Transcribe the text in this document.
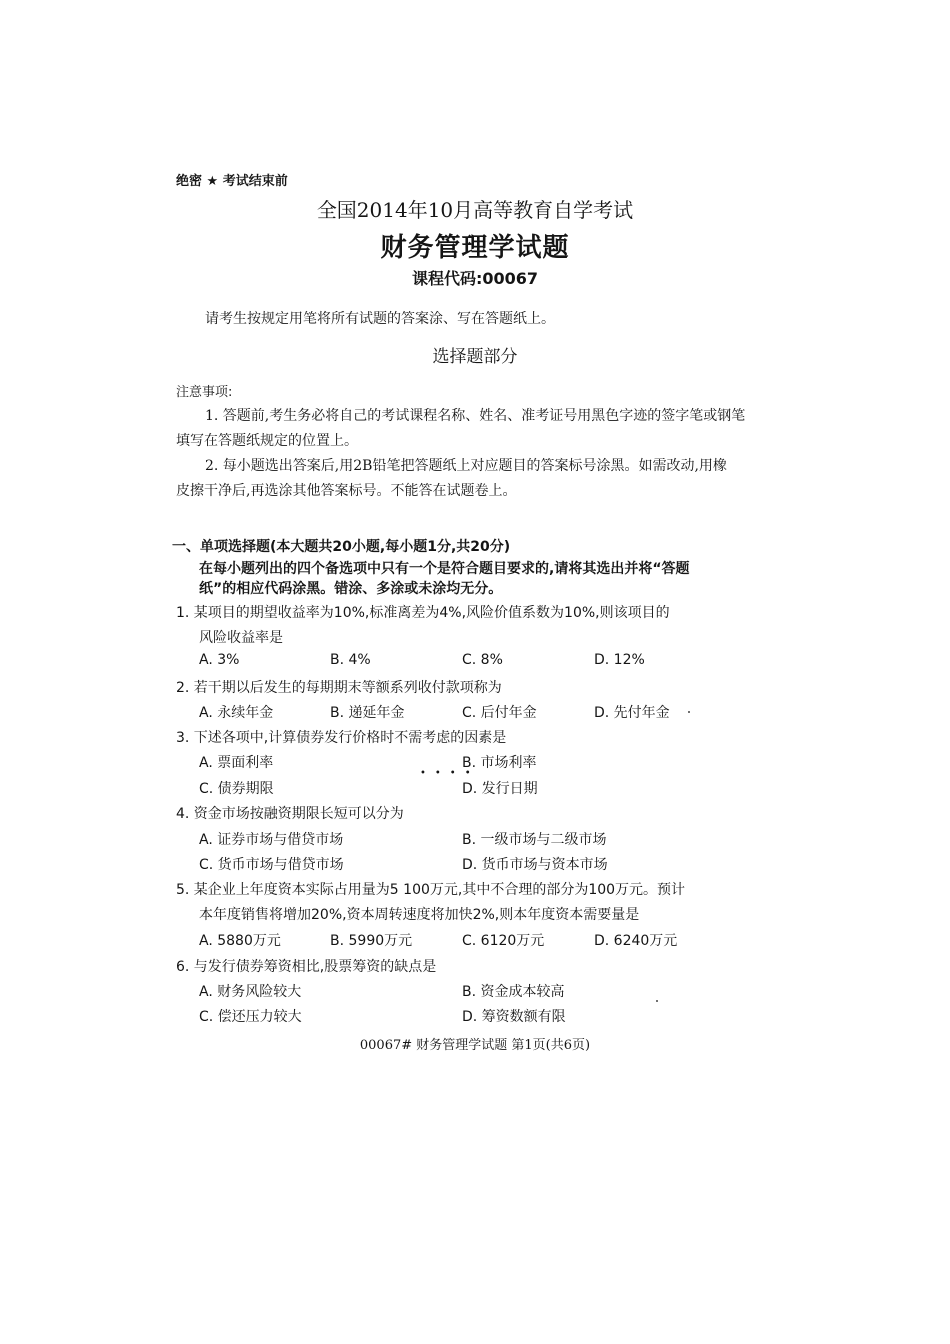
绝密 ★ 考试结束前
全国2014年10月高等教育自学考试
财务管理学试题
课程代码:00067
请考生按规定用笔将所有试题的答案涂、写在答题纸上。
选择题部分
注意事项:
1. 答题前,考生务必将自己的考试课程名称、姓名、准考证号用黑色字迹的签字笔或钢笔
填写在答题纸规定的位置上。
2. 每小题选出答案后,用2B铅笔把答题纸上对应题目的答案标号涂黑。如需改动,用橡
皮擦干净后,再选涂其他答案标号。不能答在试题卷上。
一、单项选择题(本大题共20小题,每小题1分,共20分)
在每小题列出的四个备选项中只有一个是符合题目要求的,请将其选出并将“答题
纸”的相应代码涂黑。错涂、多涂或未涂均无分。
1. 某项目的期望收益率为10%,标准离差为4%,风险价值系数为10%,则该项目的
风险收益率是
A. 3%	B. 4%	C. 8%	D. 12%
2. 若干期以后发生的每期期末等额系列收付款项称为
A. 永续年金	B. 递延年金	C. 后付年金	D. 先付年金
3. 下述各项中,计算债券发行价格时不需考虑的因素是
••••
A. 票面利率	B. 市场利率
C. 债券期限	D. 发行日期
4. 资金市场按融资期限长短可以分为
A. 证券市场与借贷市场	B. 一级市场与二级市场
C. 货币市场与借贷市场	D. 货币市场与资本市场
5. 某企业上年度资本实际占用量为5 100万元,其中不合理的部分为100万元。预计
本年度销售将增加20%,资本周转速度将加快2%,则本年度资本需要量是
A. 5880万元	B. 5990万元	C. 6120万元	D. 6240万元
6. 与发行债券筹资相比,股票筹资的缺点是
A. 财务风险较大	B. 资金成本较高
C. 偿还压力较大	D. 筹资数额有限
00067# 财务管理学试题 第1页(共6页)
